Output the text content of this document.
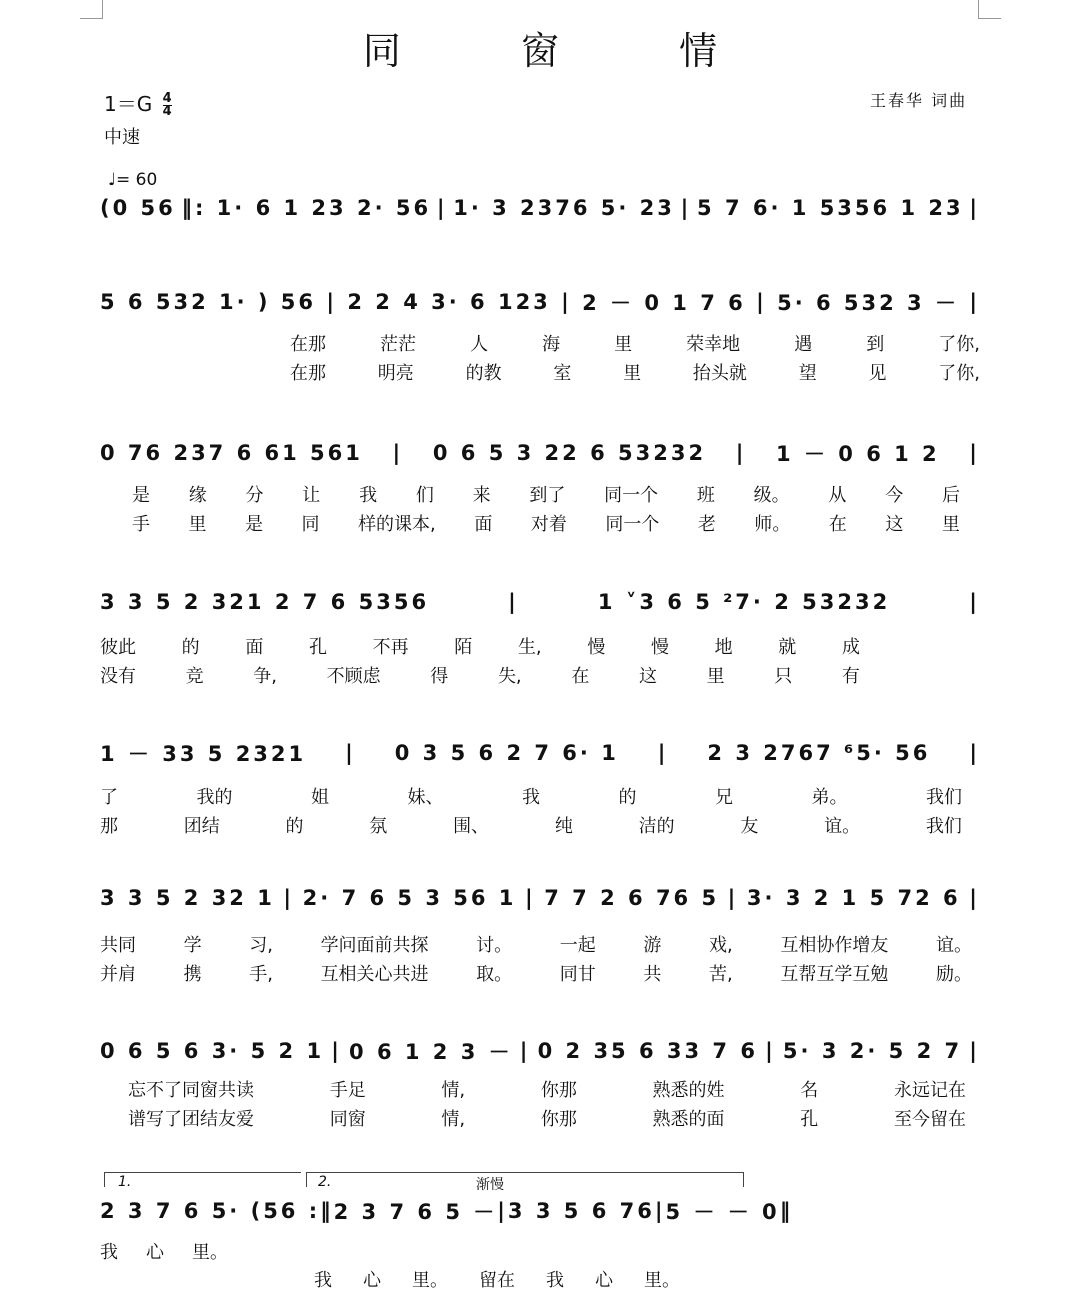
同 窗 情
$1=G \frac{4}{4}$
中速
♩= 60
王春华 词曲
(0 56 ‖: 1· 6 1 23 2· 56 | 1· 3 2376 5· 23 | 5 7 6· 1 5356 1 23 |
5 6 532 1· ) 56 | 2 2 4 3· 6 123 | 2 － 0 1 7 6 | 5· 6 532 3 － |
在那	茫茫	人	海	里	荣幸地	遇	到	了你,
在那	明亮	的教	室	里	抬头就	望	见	了你,
0 76 237 6 61 561 | 0 6 5 3 22 6 53232 | 1 － 0 6 1 2 |
是 缘 分 让 我 们 来 到了 同一个 班 级。 从 今 后
手 里 是 同 样的课本, 面 对着 同一个 老 师。 在 这 里
3 3 5 2 321 2 7 6 5356	|	1 ˅3 6 5 ²7· 2 53232	|
彼此	的	面	孔	不再	陌	生,	慢	慢	地	就	成
没有	竞	争,	不顾虑	得	失,	在	这	里	只	有
1 － 33 5 2321 | 0 3 5 6 2 7 6· 1 | 2 3 2767 ⁶5· 56 |
了	我的	姐	妹、	我	的	兄	弟。	我们
那	团结	的	氛	围、	纯	洁的	友	谊。	我们
3 3 5 2 32 1 | 2· 7 6 5 3 56 1 | 7 7 2 6 76 5 | 3· 3 2 1 5 72 6 |
共同	学	习,	学问面前共探	讨。	一起	游	戏,	互相协作增友	谊。
并肩	携	手,	互相关心共进	取。	同甘	共	苦,	互帮互学互勉	励。
0 6 5 6 3· 5 2 1 | 0 6 1 2 3 － | 0 2 35 6 33 7 6 | 5· 3 2· 5 2 7 |
忘不了同窗共读	手足	情,	你那	熟悉的姓	名	永远记在
谱写了团结友爱	同窗	情,	你那	熟悉的面	孔	至今留在
1.	2.	渐慢
2 3 7 6 5· (56 :‖ 2 3 7 6 5 － | 3 3 5 6 76 | 5 － － 0 ‖
我 心 里。
我 心 里。 留在 我 心 里。
